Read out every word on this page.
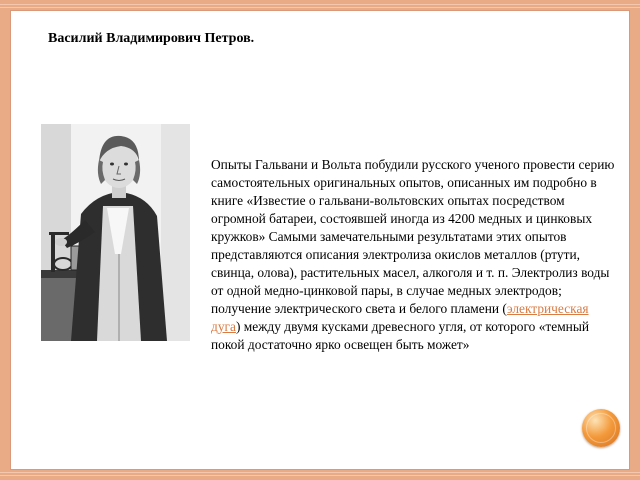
Василий Владимирович Петров.
Опыты Гальвани и Вольта побудили русского ученого провести серию самостоятельных оригинальных опытов, описанных им подробно в книге «Известие о гальвани-вольтовских опытах посредством огромной батареи, состоявшей иногда из 4200 медных и цинковых кружков» Самыми замечательными результатами этих опытов представляются описания электролиза окислов металлов (ртути, свинца, олова), растительных масел, алкоголя и т. п. Электролиз воды от одной медно-цинковой пары, в случае медных электродов; получение электрического света и белого пламени (электрическая дуга) между двумя кусками древесного угля, от которого «темный покой достаточно ярко освещен быть может»
